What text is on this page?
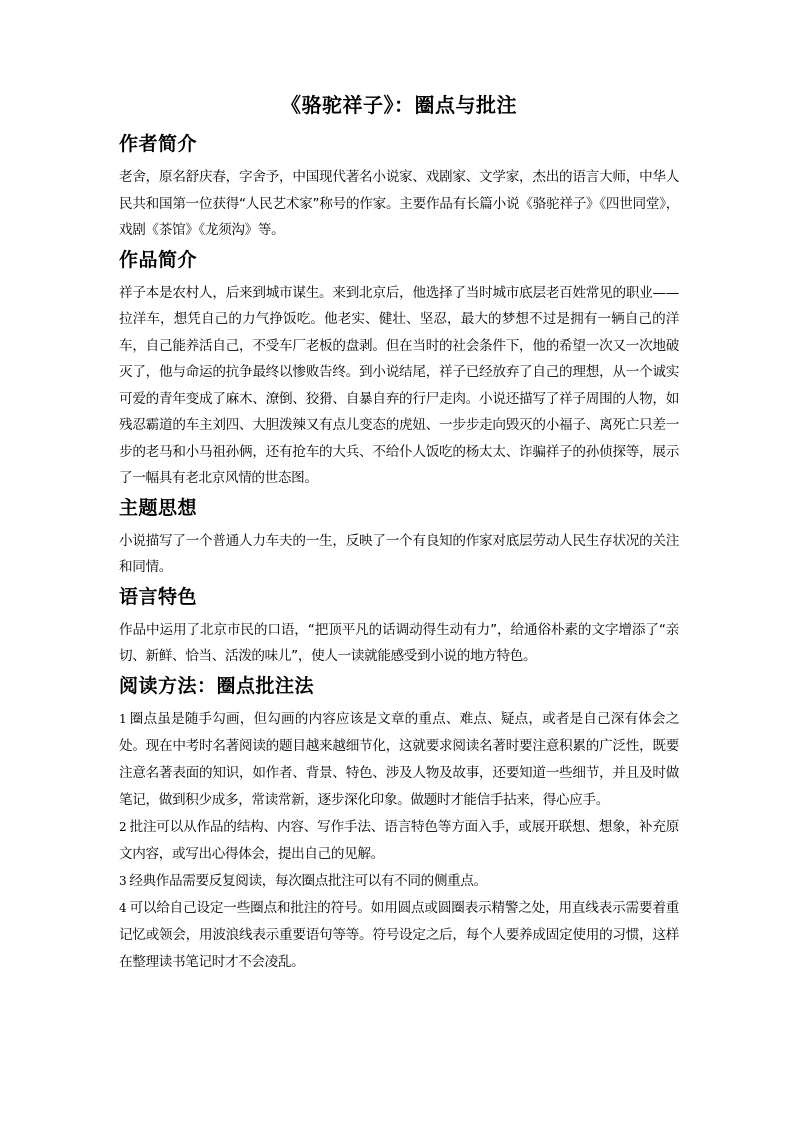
《骆驼祥子》：圈点与批注
作者简介

老舍，原名舒庆春，字舍予，中国现代著名小说家、戏剧家、文学家，杰出的语言大师，中华人民共和国第一位获得“人民艺术家”称号的作家。主要作品有长篇小说《骆驼祥子》《四世同堂》，戏剧《茶馆》《龙须沟》等。

作品简介

祥子本是农村人，后来到城市谋生。来到北京后，他选择了当时城市底层老百姓常见的职业——拉洋车，想凭自己的力气挣饭吃。他老实、健壮、坚忍，最大的梦想不过是拥有一辆自己的洋车，自己能养活自己，不受车厂老板的盘剥。但在当时的社会条件下，他的希望一次又一次地破灭了，他与命运的抗争最终以惨败告终。到小说结尾，祥子已经放弃了自己的理想，从一个诚实可爱的青年变成了麻木、潦倒、狡猾、自暴自弃的行尸走肉。小说还描写了祥子周围的人物，如残忍霸道的车主刘四、大胆泼辣又有点儿变态的虎妞、一步步走向毁灭的小福子、离死亡只差一步的老马和小马祖孙俩，还有抢车的大兵、不给仆人饭吃的杨太太、诈骗祥子的孙侦探等，展示了一幅具有老北京风情的世态图。

主题思想

小说描写了一个普通人力车夫的一生，反映了一个有良知的作家对底层劳动人民生存状况的关注和同情。

语言特色

作品中运用了北京市民的口语，“把顶平凡的话调动得生动有力”，给通俗朴素的文字增添了“亲切、新鲜、恰当、活泼的味儿”，使人一读就能感受到小说的地方特色。

阅读方法：圈点批注法

1 圈点虽是随手勾画，但勾画的内容应该是文章的重点、难点、疑点，或者是自己深有体会之处。现在中考时名著阅读的题目越来越细节化，这就要求阅读名著时要注意积累的广泛性，既要注意名著表面的知识，如作者、背景、特色、涉及人物及故事，还要知道一些细节，并且及时做笔记，做到积少成多，常读常新，逐步深化印象。做题时才能信手拈来，得心应手。

2 批注可以从作品的结构、内容、写作手法、语言特色等方面入手，或展开联想、想象，补充原文内容，或写出心得体会，提出自己的见解。

3 经典作品需要反复阅读，每次圈点批注可以有不同的侧重点。

4 可以给自己设定一些圈点和批注的符号。如用圆点或圆圈表示精警之处，用直线表示需要着重记忆或领会，用波浪线表示重要语句等等。符号设定之后，每个人要养成固定使用的习惯，这样在整理读书笔记时才不会凌乱。
